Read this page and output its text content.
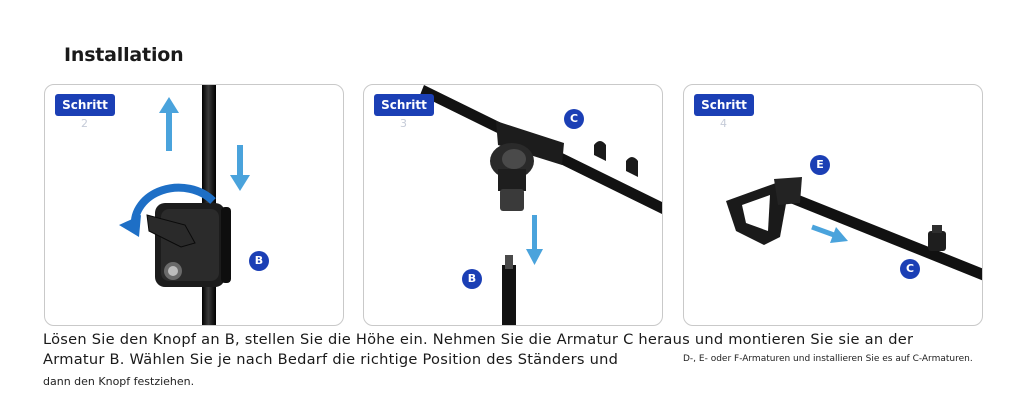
Installation
Schritt
2
B
Schritt
3	C
B
Schritt
4
E
C
Lösen Sie den Knopf an B, stellen Sie die Höhe ein. Nehmen Sie die Armatur C heraus und montieren Sie sie an der
Armatur B. Wählen Sie je nach Bedarf die richtige Position des Ständers und	D-, E- oder F-Armaturen und installieren Sie es auf C-Armaturen.
dann den Knopf festziehen.
